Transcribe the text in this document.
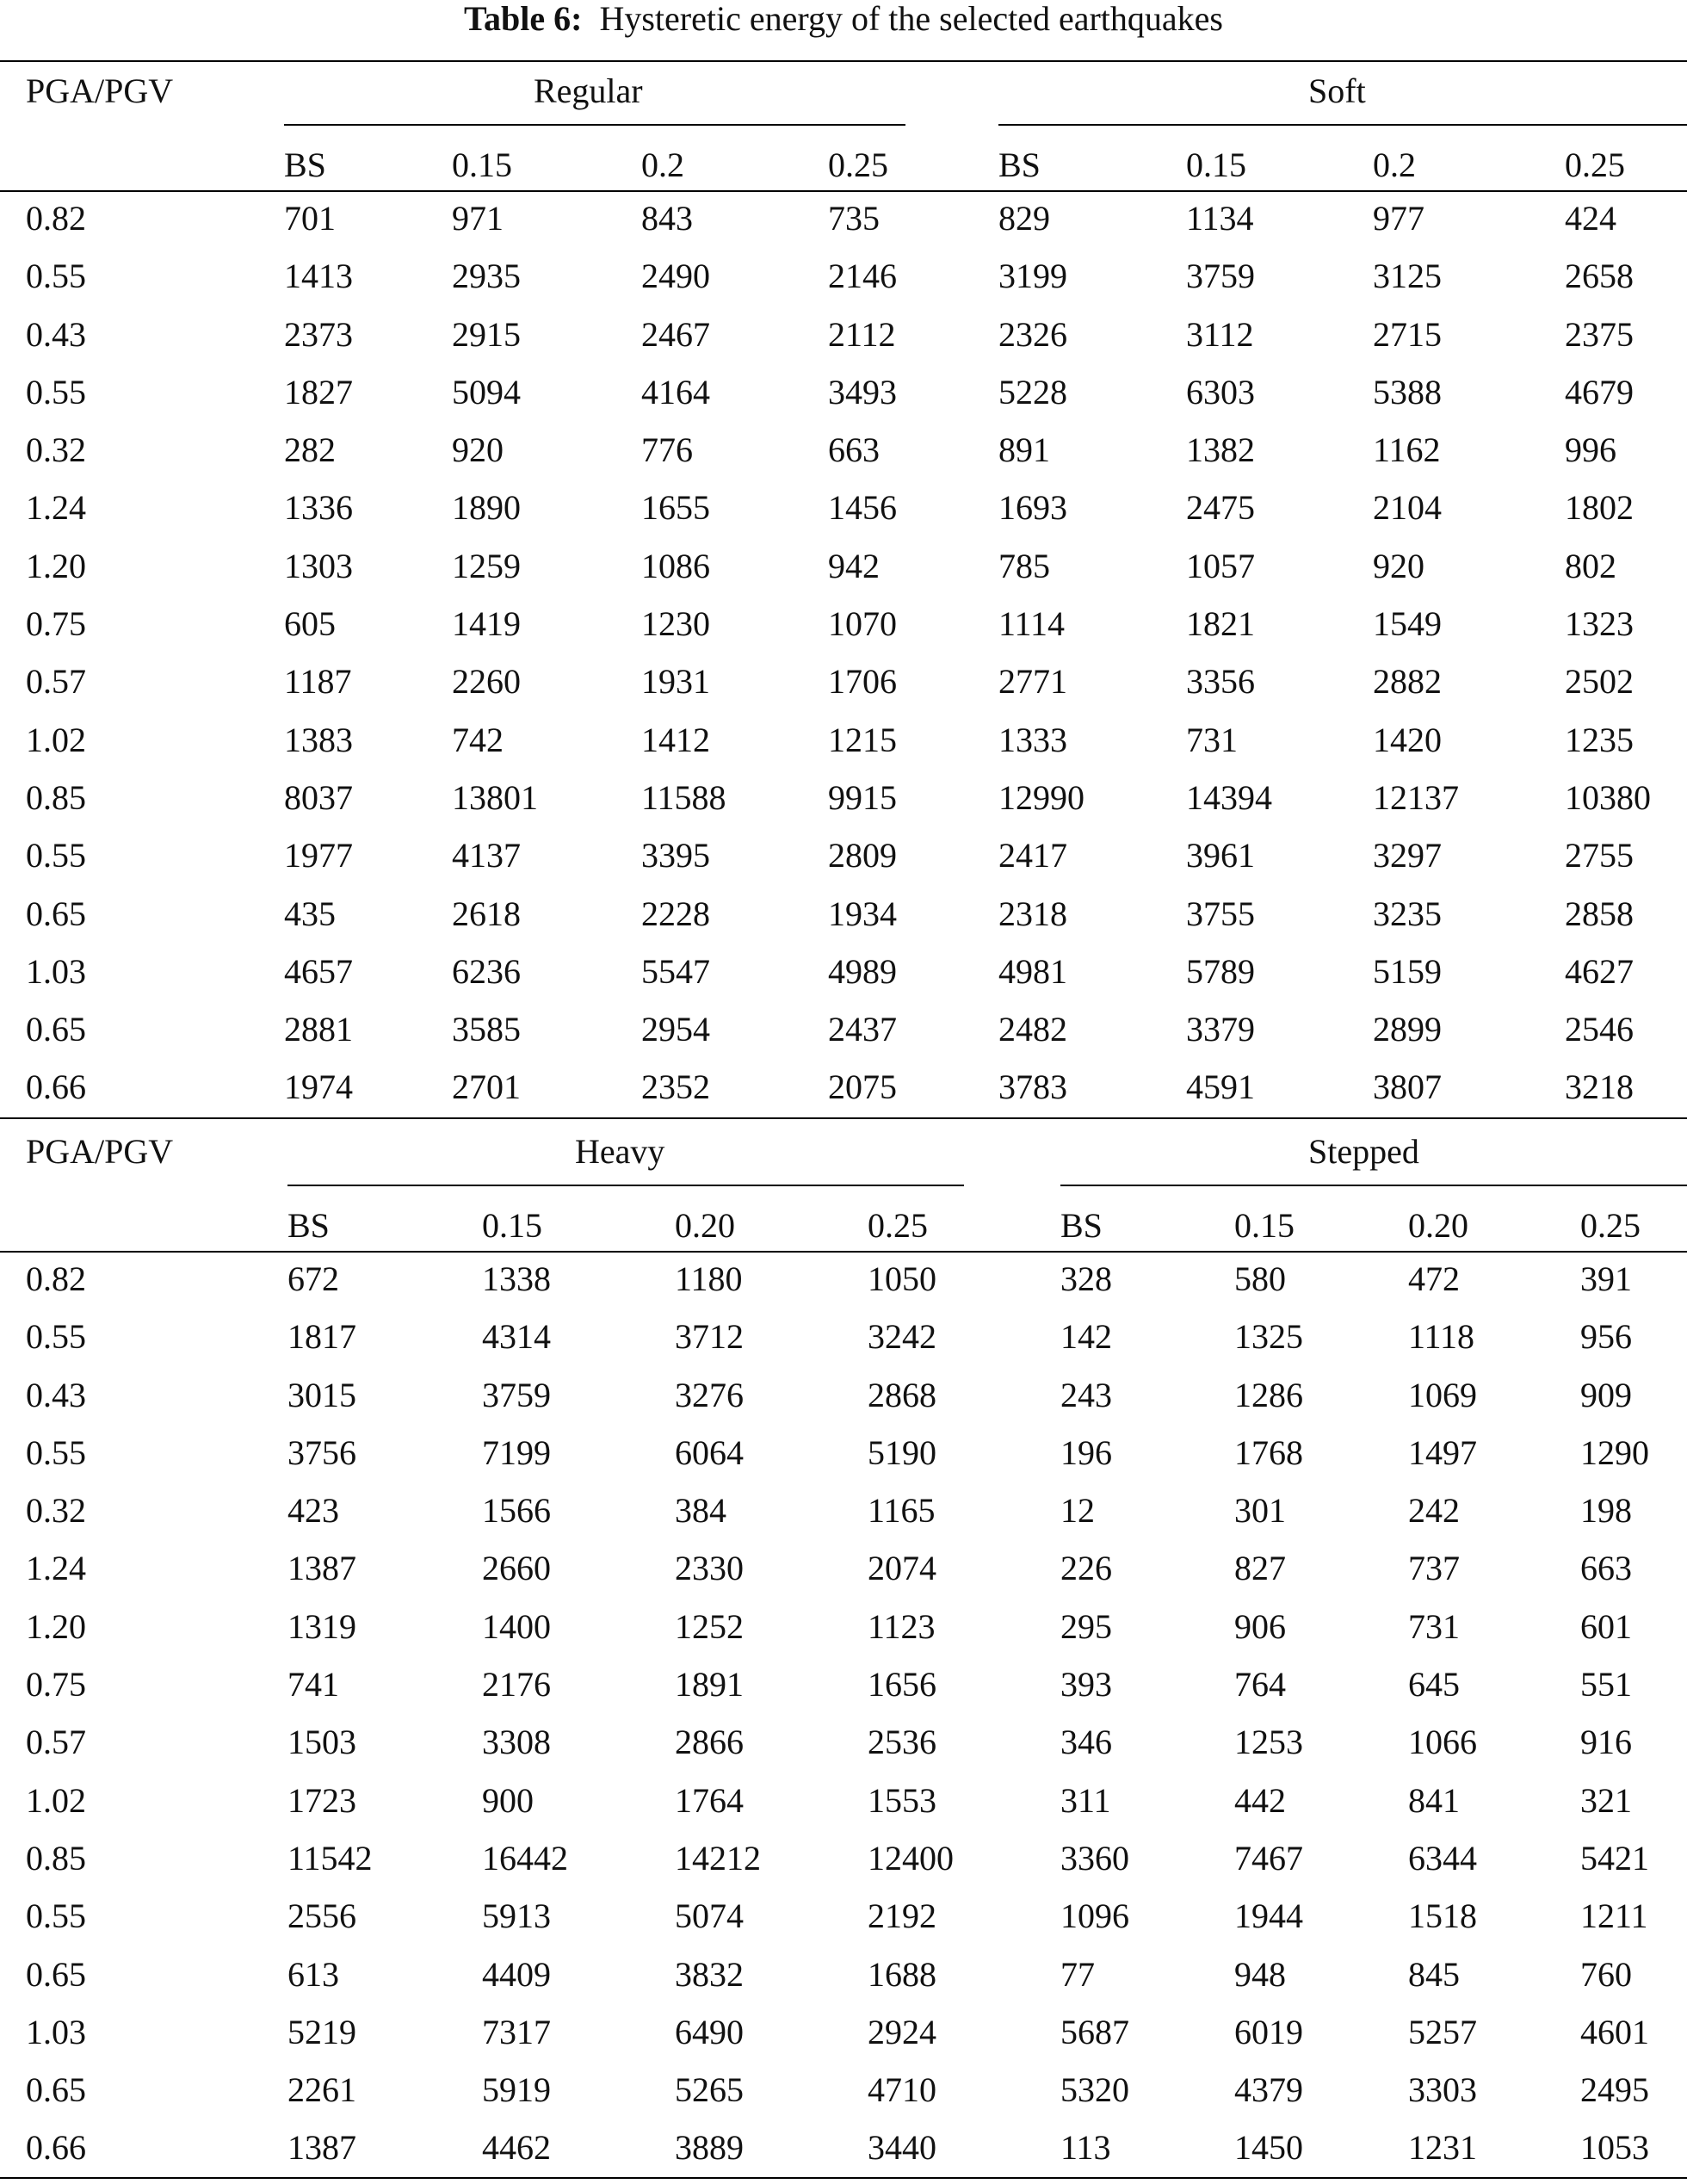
Table 6: Hysteretic energy of the selected earthquakes
PGA/PGV	Regular	Soft
BS	0.15	0.2	0.25	BS	0.15	0.2	0.25
0.82	701	971	843	735	829	1134	977	424
0.55	1413	2935	2490	2146	3199	3759	3125	2658
0.43	2373	2915	2467	2112	2326	3112	2715	2375
0.55	1827	5094	4164	3493	5228	6303	5388	4679
0.32	282	920	776	663	891	1382	1162	996
1.24	1336	1890	1655	1456	1693	2475	2104	1802
1.20	1303	1259	1086	942	785	1057	920	802
0.75	605	1419	1230	1070	1114	1821	1549	1323
0.57	1187	2260	1931	1706	2771	3356	2882	2502
1.02	1383	742	1412	1215	1333	731	1420	1235
0.85	8037	13801	11588	9915	12990	14394	12137	10380
0.55	1977	4137	3395	2809	2417	3961	3297	2755
0.65	435	2618	2228	1934	2318	3755	3235	2858
1.03	4657	6236	5547	4989	4981	5789	5159	4627
0.65	2881	3585	2954	2437	2482	3379	2899	2546
0.66	1974	2701	2352	2075	3783	4591	3807	3218
PGA/PGV	Heavy	Stepped
BS	0.15	0.20	0.25	BS	0.15	0.20	0.25
0.82	672	1338	1180	1050	328	580	472	391
0.55	1817	4314	3712	3242	142	1325	1118	956
0.43	3015	3759	3276	2868	243	1286	1069	909
0.55	3756	7199	6064	5190	196	1768	1497	1290
0.32	423	1566	384	1165	12	301	242	198
1.24	1387	2660	2330	2074	226	827	737	663
1.20	1319	1400	1252	1123	295	906	731	601
0.75	741	2176	1891	1656	393	764	645	551
0.57	1503	3308	2866	2536	346	1253	1066	916
1.02	1723	900	1764	1553	311	442	841	321
0.85	11542	16442	14212	12400	3360	7467	6344	5421
0.55	2556	5913	5074	2192	1096	1944	1518	1211
0.65	613	4409	3832	1688	77	948	845	760
1.03	5219	7317	6490	2924	5687	6019	5257	4601
0.65	2261	5919	5265	4710	5320	4379	3303	2495
0.66	1387	4462	3889	3440	113	1450	1231	1053
